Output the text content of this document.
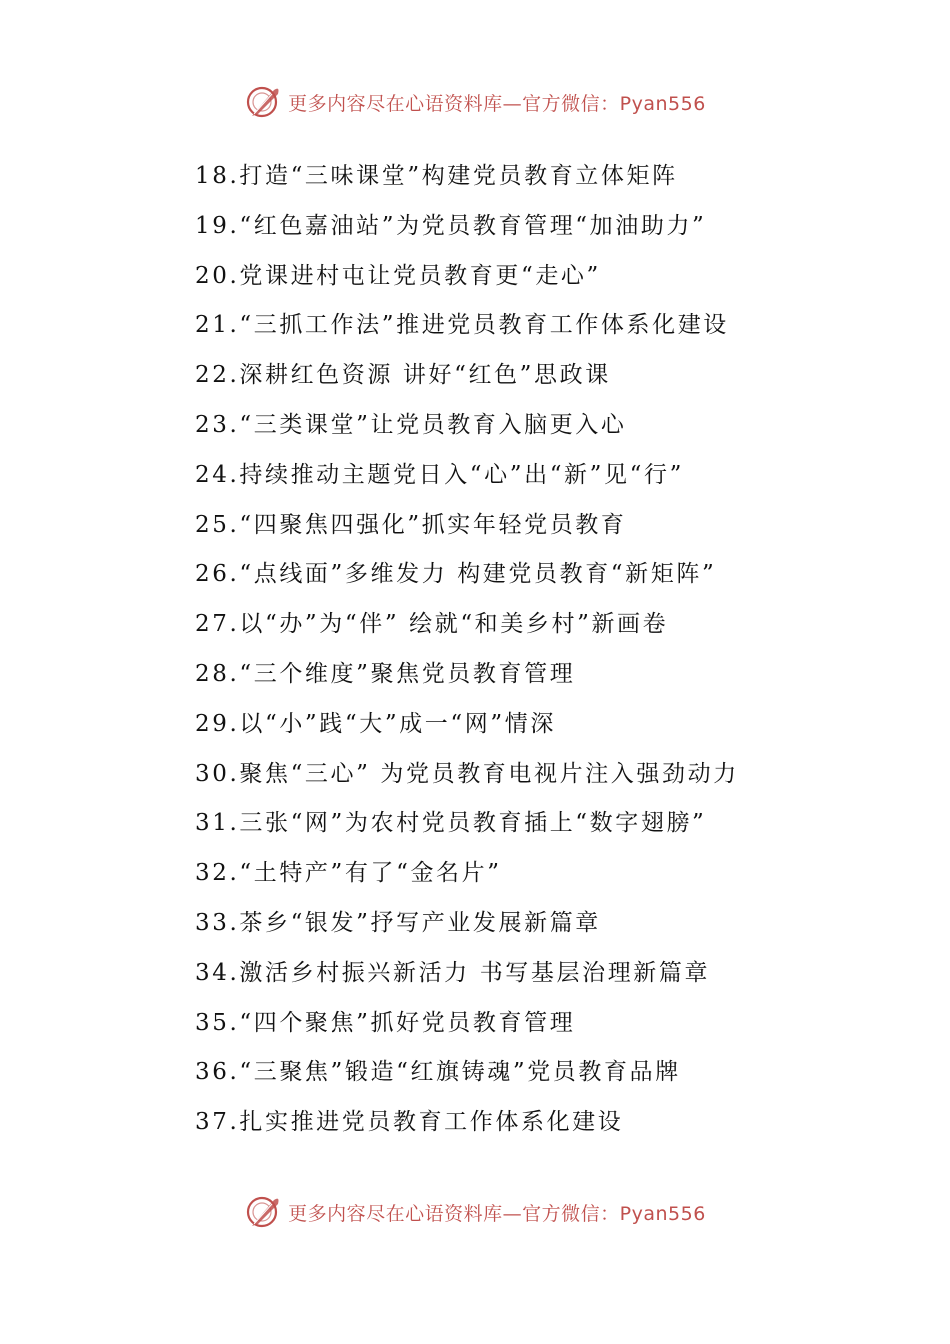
更多内容尽在心语资料库—官方微信：Pyan556
18.打造“三味课堂”构建党员教育立体矩阵
19.“红色嘉油站”为党员教育管理“加油助力”
20.党课进村屯让党员教育更“走心”
21.“三抓工作法”推进党员教育工作体系化建设
22.深耕红色资源 讲好“红色”思政课
23.“三类课堂”让党员教育入脑更入心
24.持续推动主题党日入“心”出“新”见“行”
25.“四聚焦四强化”抓实年轻党员教育
26.“点线面”多维发力 构建党员教育“新矩阵”
27.以“办”为“伴” 绘就“和美乡村”新画卷
28.“三个维度”聚焦党员教育管理
29.以“小”践“大”成一“网”情深
30.聚焦“三心” 为党员教育电视片注入强劲动力
31.三张“网”为农村党员教育插上“数字翅膀”
32.“土特产”有了“金名片”
33.茶乡“银发”抒写产业发展新篇章
34.激活乡村振兴新活力 书写基层治理新篇章
35.“四个聚焦”抓好党员教育管理
36.“三聚焦”锻造“红旗铸魂”党员教育品牌
37.扎实推进党员教育工作体系化建设
更多内容尽在心语资料库—官方微信：Pyan556
